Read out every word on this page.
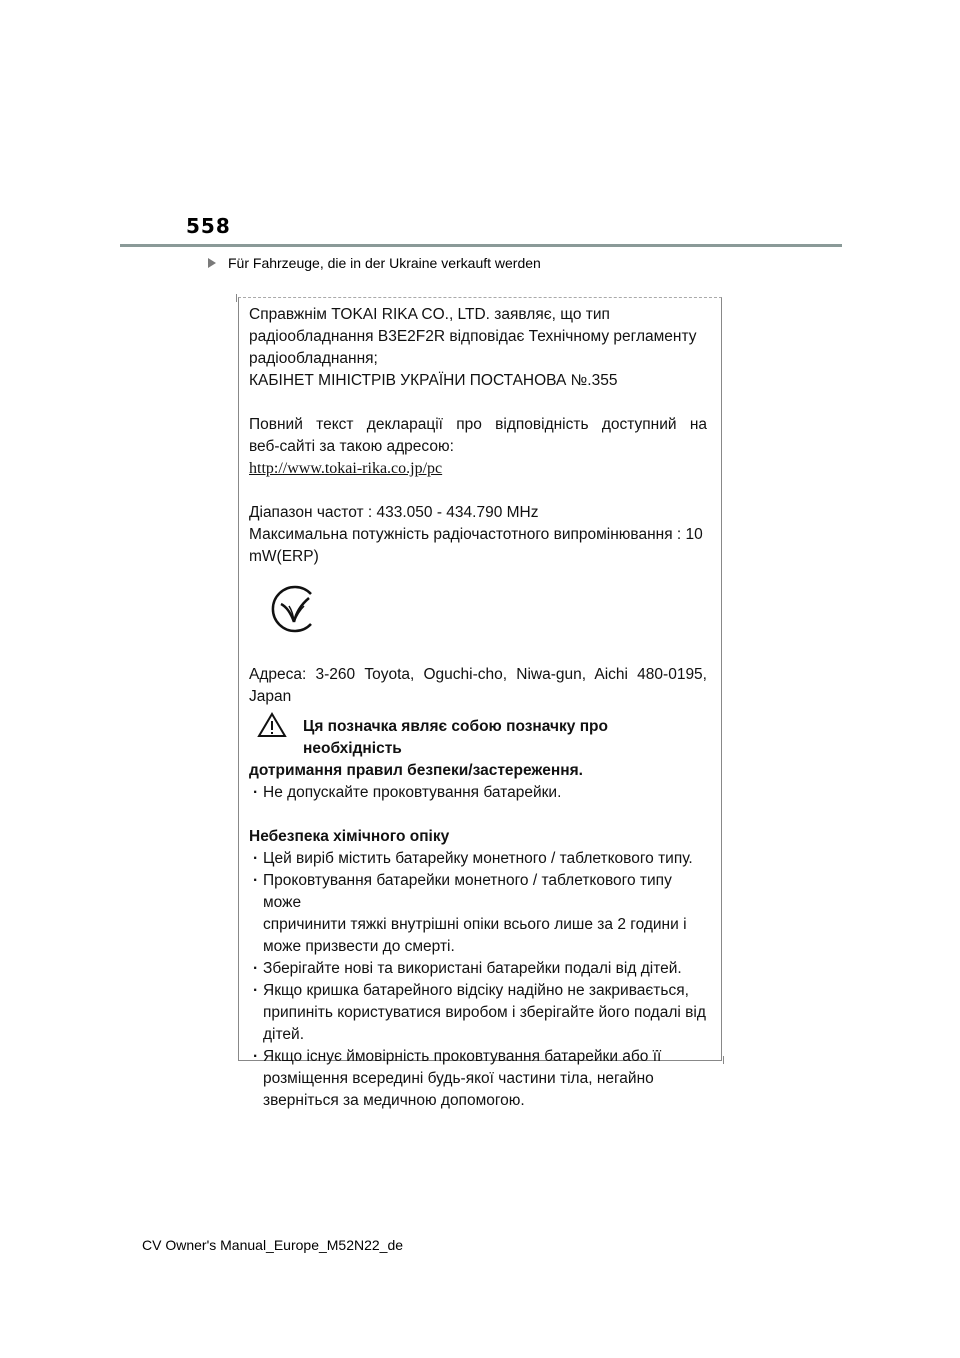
558
Für Fahrzeuge, die in der Ukraine verkauft werden

Справжнім TOKAI RIKA CO., LTD. заявляє, що тип

радіообладнання B3E2F2R відповідає Технічному регламенту

радіообладнання;

КАБІНЕТ МІНІСТРІВ УКРАЇНИ ПОСТАНОВА №.355

Повний текст декларації про відповідність доступний на

веб-сайті за такою адресою:

http://www.tokai-rika.co.jp/pc

Діапазон частот : 433.050 - 434.790 MHz

Максимальна потужність радіочастотного випромінювання : 10

mW(ERP)

Адреса: 3-260 Toyota, Oguchi-cho, Niwa-gun, Aichi 480-0195,

Japan

Ця позначка являє собою позначку про необхідність

дотримання правил безпеки/застереження.

· Не допускайте проковтування батарейки.

Небезпека хімічного опіку

· Цей виріб містить батарейку монетного / таблеткового типу.

· Проковтування батарейки монетного / таблеткового типу може

спричинити тяжкі внутрішні опіки всього лише за 2 години і

може призвести до смерті.

· Зберігайте нові та використані батарейки подалі від дітей.

· Якщо кришка батарейного відсіку надійно не закривається,

припиніть користуватися виробом і зберігайте його подалі від

дітей.

· Якщо існує ймовірність проковтування батарейки або її

розміщення всередині будь-якої частини тіла, негайно

зверніться за медичною допомогою.

CV Owner's Manual_Europe_M52N22_de
